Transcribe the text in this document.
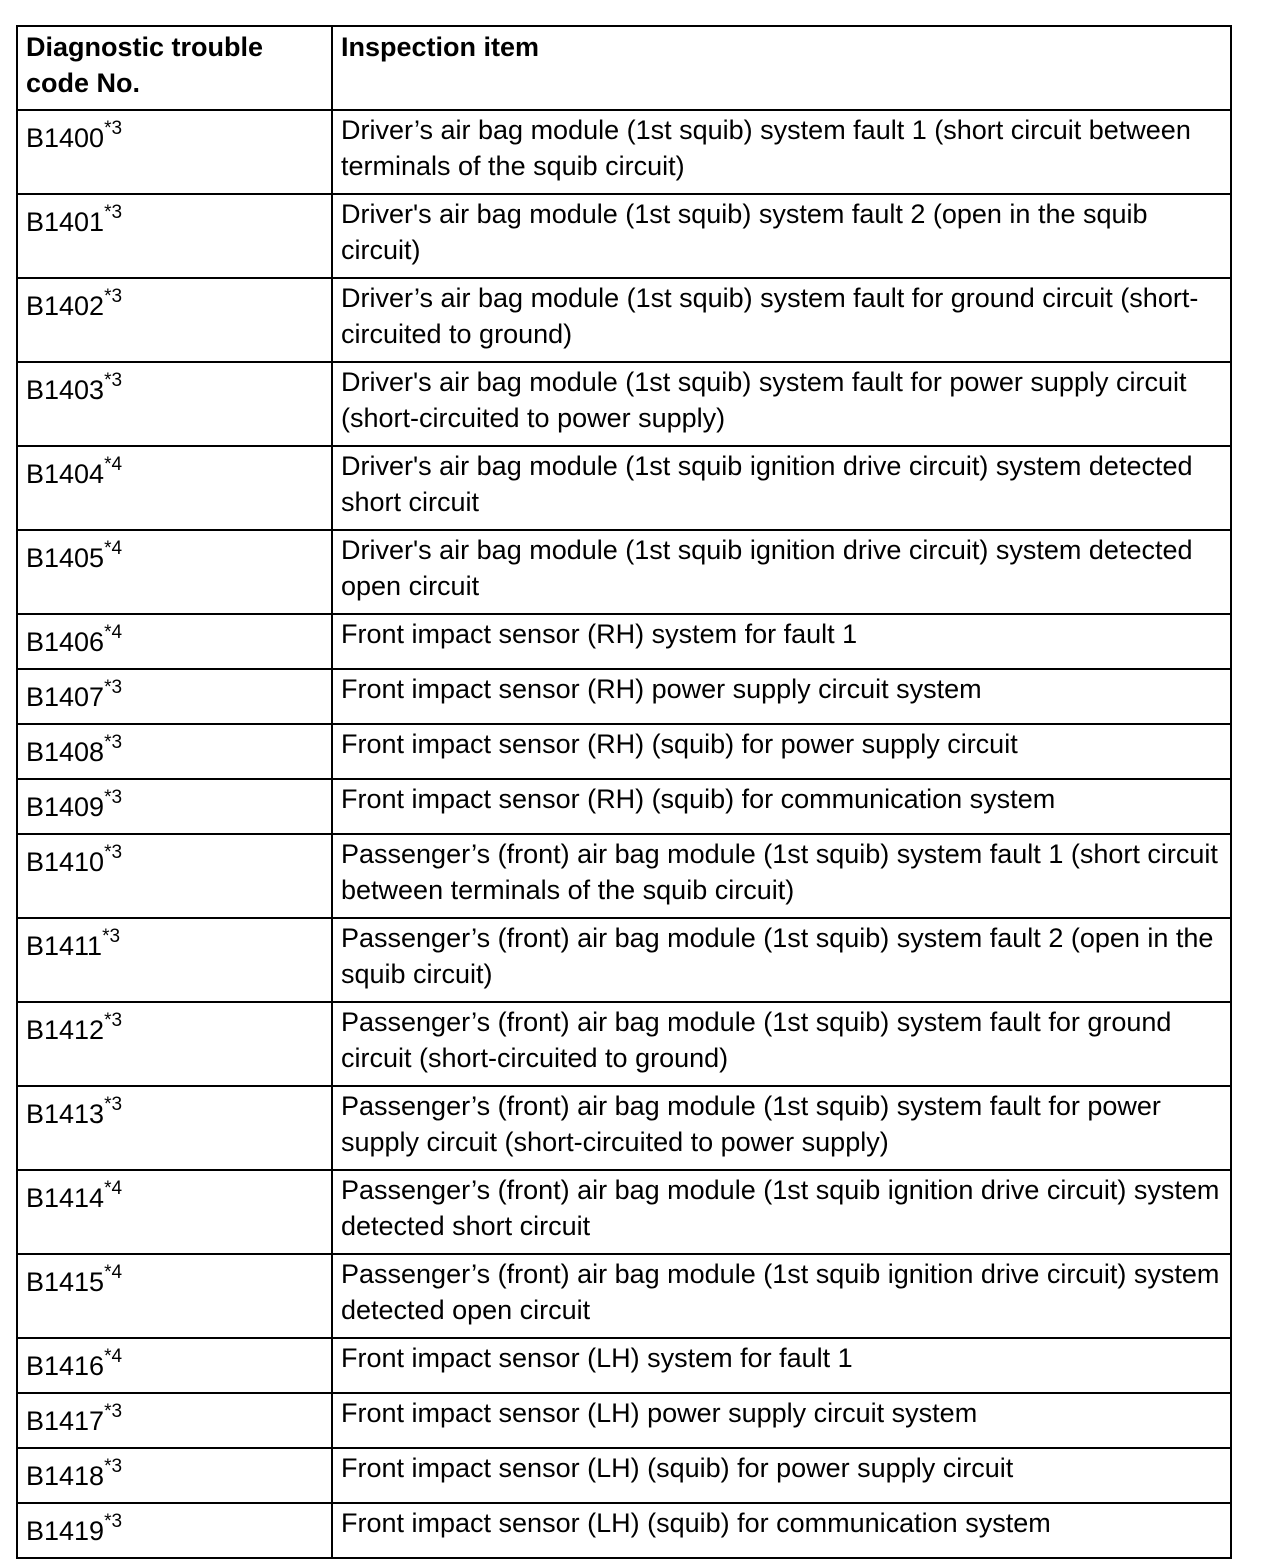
Diagnostic trouble code No.	Inspection item
B1400$^{*3}$	Driver’s air bag module (1st squib) system fault 1 (short circuit between terminals of the squib circuit)
B1401$^{*3}$	Driver's air bag module (1st squib) system fault 2 (open in the squib circuit)
B1402$^{*3}$	Driver’s air bag module (1st squib) system fault for ground circuit (short-circuited to ground)
B1403$^{*3}$	Driver's air bag module (1st squib) system fault for power supply circuit (short-circuited to power supply)
B1404$^{*4}$	Driver's air bag module (1st squib ignition drive circuit) system detected short circuit
B1405$^{*4}$	Driver's air bag module (1st squib ignition drive circuit) system detected open circuit
B1406$^{*4}$	Front impact sensor (RH) system for fault 1
B1407$^{*3}$	Front impact sensor (RH) power supply circuit system
B1408$^{*3}$	Front impact sensor (RH) (squib) for power supply circuit
B1409$^{*3}$	Front impact sensor (RH) (squib) for communication system
B1410$^{*3}$	Passenger’s (front) air bag module (1st squib) system fault 1 (short circuit between terminals of the squib circuit)
B1411$^{*3}$	Passenger’s (front) air bag module (1st squib) system fault 2 (open in the squib circuit)
B1412$^{*3}$	Passenger’s (front) air bag module (1st squib) system fault for ground circuit (short-circuited to ground)
B1413$^{*3}$	Passenger’s (front) air bag module (1st squib) system fault for power supply circuit (short-circuited to power supply)
B1414$^{*4}$	Passenger’s (front) air bag module (1st squib ignition drive circuit) system detected short circuit
B1415$^{*4}$	Passenger’s (front) air bag module (1st squib ignition drive circuit) system detected open circuit
B1416$^{*4}$	Front impact sensor (LH) system for fault 1
B1417$^{*3}$	Front impact sensor (LH) power supply circuit system
B1418$^{*3}$	Front impact sensor (LH) (squib) for power supply circuit
B1419$^{*3}$	Front impact sensor (LH) (squib) for communication system
